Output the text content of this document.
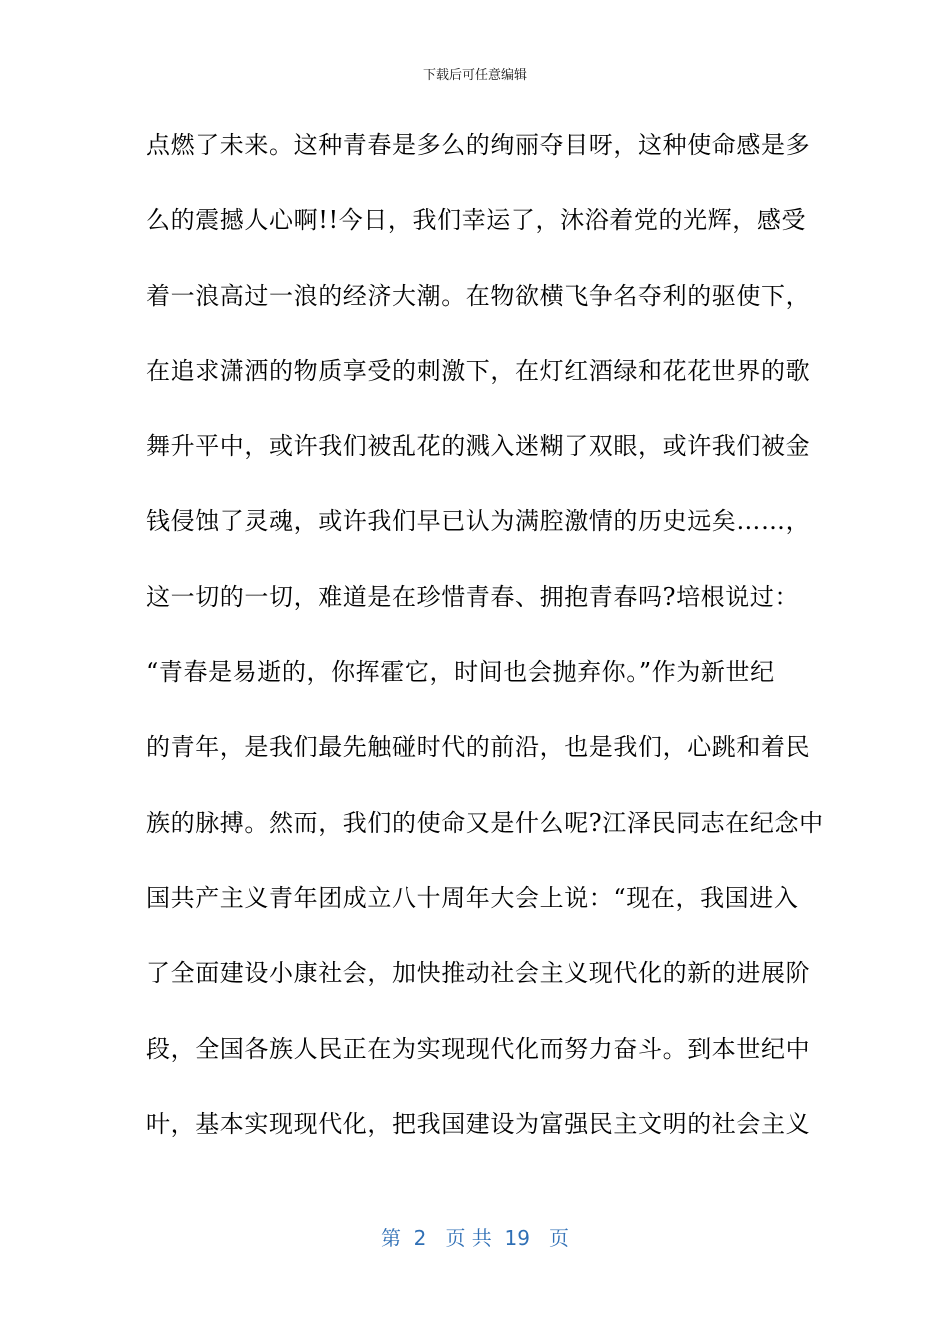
下载后可任意编辑
点燃了未来。这种青春是多么的绚丽夺目呀，这种使命感是多
么的震撼人心啊!!今日，我们幸运了，沐浴着党的光辉，感受
着一浪高过一浪的经济大潮。在物欲横飞争名夺利的驱使下，
在追求潇洒的物质享受的刺激下，在灯红酒绿和花花世界的歌
舞升平中，或许我们被乱花的溅入迷糊了双眼，或许我们被金
钱侵蚀了灵魂，或许我们早已认为满腔激情的历史远矣……，
这一切的一切，难道是在珍惜青春、拥抱青春吗?培根说过：
“青春是易逝的，你挥霍它，时间也会抛弃你。”作为新世纪
的青年，是我们最先触碰时代的前沿，也是我们，心跳和着民
族的脉搏。然而，我们的使命又是什么呢?江泽民同志在纪念中
国共产主义青年团成立八十周年大会上说：“现在，我国进入
了全面建设小康社会，加快推动社会主义现代化的新的进展阶
段，全国各族人民正在为实现现代化而努力奋斗。到本世纪中
叶，基本实现现代化，把我国建设为富强民主文明的社会主义
第  2   页 共  19   页
